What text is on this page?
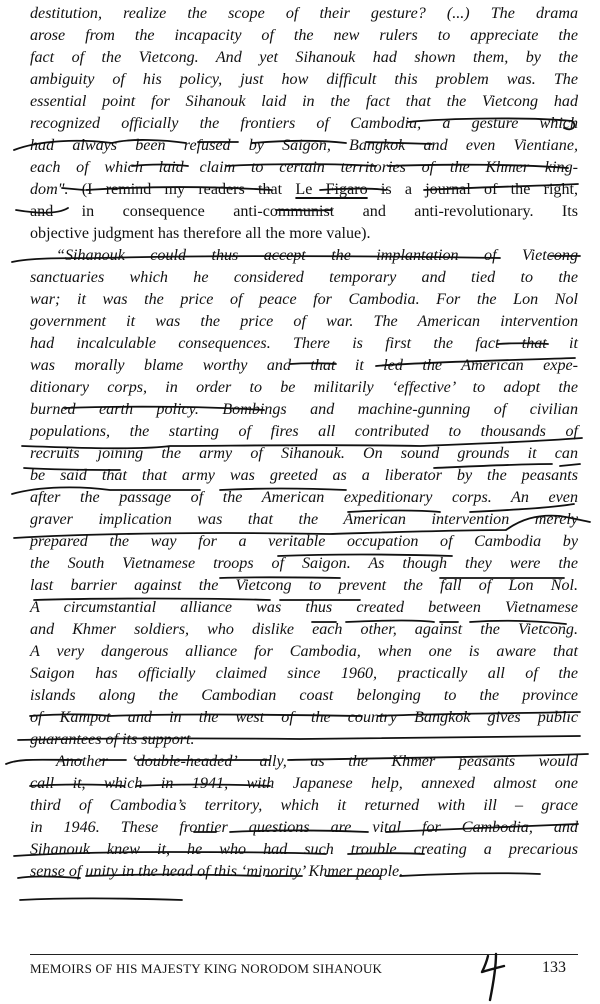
destitution, realize the scope of their gesture? (...) The drama
arose from the incapacity of the new rulers to appreciate the
fact of the Vietcong. And yet Sihanouk had shown them, by the
ambiguity of his policy, just how difficult this problem was. The
essential point for Sihanouk laid in the fact that the Vietcong had
recognized officially the frontiers of Cambodia, a gesture which
had always been refused by Saigon, Bangkok and even Vientiane,
each of which laid claim to certain territories of the Khmer king-
dom". (I remind my readers that Le Figaro is a journal of the right,
and in consequence anti-communist and anti-revolutionary. Its
objective judgment has therefore all the more value).
“Sihanouk could thus accept the implantation of Vietcong
sanctuaries which he considered temporary and tied to the
war; it was the price of peace for Cambodia. For the Lon Nol
government it was the price of war. The American intervention
had incalculable consequences. There is first the fact that it
was morally blame worthy and that it led the American expe-
ditionary corps, in order to be militarily ‘effective’ to adopt the
burned earth policy. Bombings and machine-gunning of civilian
populations, the starting of fires all contributed to thousands of
recruits joining the army of Sihanouk. On sound grounds it can
be said that that army was greeted as a liberator by the peasants
after the passage of the American expeditionary corps. An even
graver implication was that the American intervention merely
prepared the way for a veritable occupation of Cambodia by
the South Vietnamese troops of Saigon. As though they were the
last barrier against the Vietcong to prevent the fall of Lon Nol.
A circumstantial alliance was thus created between Vietnamese
and Khmer soldiers, who dislike each other, against the Vietcong.
A very dangerous alliance for Cambodia, when one is aware that
Saigon has officially claimed since 1960, practically all of the
islands along the Cambodian coast belonging to the province
of Kampot and in the west of the country Bangkok gives public
guarantees of its support.
Another ‘double-headed’ ally, as the Khmer peasants would
call it, which in 1941, with Japanese help, annexed almost one
third of Cambodia’s territory, which it returned with ill – grace
in 1946. These frontier questions are vital for Cambodia, and
Sihanouk knew it, he who had such trouble creating a precarious
sense of unity in the head of this ‘minority’ Khmer people.
MEMOIRS OF HIS MAJESTY KING NORODOM SIHANOUK	133
